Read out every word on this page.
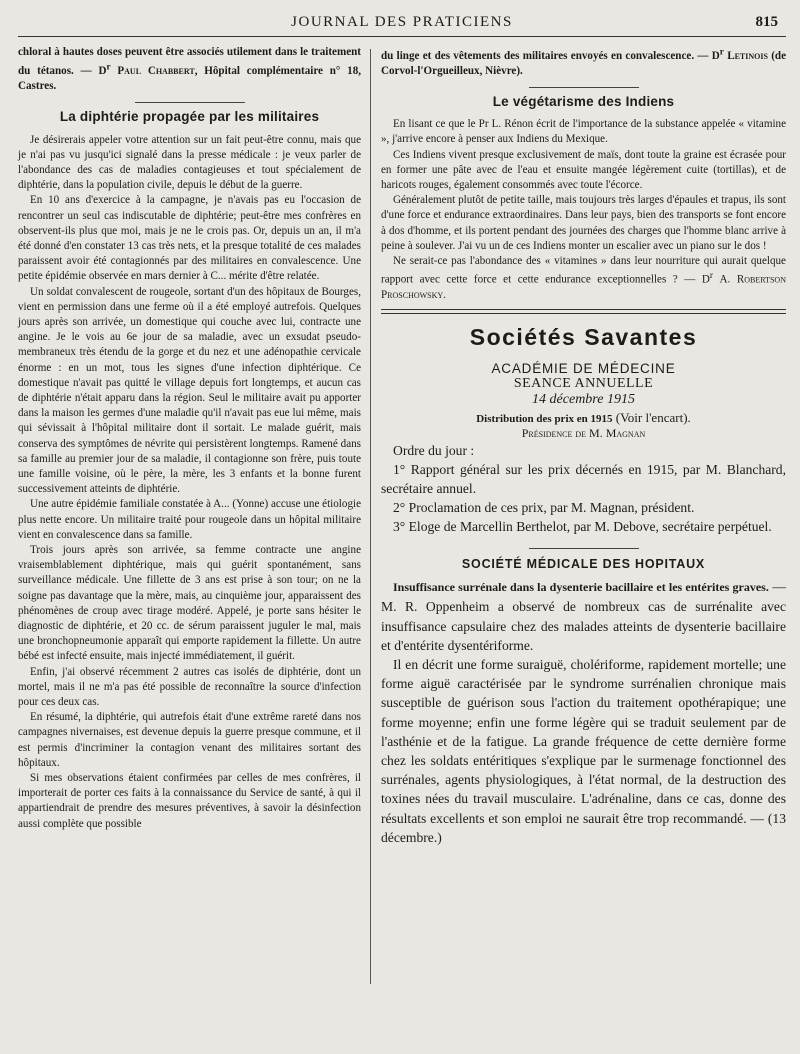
JOURNAL DES PRATICIENS	815

chloral à hautes doses peuvent être associés utilement dans le traitement du tétanos. — $D^r$ Paul Chabbert, Hôpital complémentaire n° 18, Castres.

La diphtérie propagée par les militaires

Je désirerais appeler votre attention sur un fait peut-être connu, mais que je n'ai pas vu jusqu'ici signalé dans la presse médicale : je veux parler de l'abondance des cas de maladies contagieuses et tout spécialement de diphtérie, dans la population civile, depuis le début de la guerre.

En 10 ans d'exercice à la campagne, je n'avais pas eu l'occasion de rencontrer un seul cas indiscutable de diphtérie; peut-être mes confrères en observent-ils plus que moi, mais je ne le crois pas. Or, depuis un an, il m'a été donné d'en constater 13 cas très nets, et la presque totalité de ces malades paraissent avoir été contagionnés par des militaires en convalescence. Une petite épidémie observée en mars dernier à C... mérite d'être relatée.

Un soldat convalescent de rougeole, sortant d'un des hôpitaux de Bourges, vient en permission dans une ferme où il a été employé autrefois. Quelques jours après son arrivée, un domestique qui couche avec lui, contracte une angine. Je le vois au 6e jour de sa maladie, avec un exsudat pseudo-membraneux très étendu de la gorge et du nez et une adénopathie cervicale énorme : en un mot, tous les signes d'une infection diphtérique. Ce domestique n'avait pas quitté le village depuis fort longtemps, et aucun cas de diphtérie n'était apparu dans la région. Seul le militaire avait pu apporter dans la maison les germes d'une maladie qu'il n'avait pas eue lui même, mais qui sévissait à l'hôpital militaire dont il sortait. Le malade guérit, mais conserva des symptômes de névrite qui persistèrent longtemps. Ramené dans sa famille au premier jour de sa maladie, il contagionne son frère, puis toute une famille voisine, où le père, la mère, les 3 enfants et la bonne furent successivement atteints de diphtérie.

Une autre épidémie familiale constatée à A... (Yonne) accuse une étiologie plus nette encore. Un militaire traité pour rougeole dans un hôpital militaire vient en convalescence dans sa famille.

Trois jours après son arrivée, sa femme contracte une angine vraisemblablement diphtérique, mais qui guérit spontanément, sans surveillance médicale. Une fillette de 3 ans est prise à son tour; on ne la soigne pas davantage que la mère, mais, au cinquième jour, apparaissent des phénomènes de croup avec tirage modéré. Appelé, je porte sans hésiter le diagnostic de diphtérie, et 20 cc. de sérum paraissent juguler le mal, mais une bronchopneumonie apparaît qui emporte rapidement la fillette. Un autre bébé est infecté ensuite, mais injecté immédiatement, il guérit.

Enfin, j'ai observé récemment 2 autres cas isolés de diphtérie, dont un mortel, mais il ne m'a pas été possible de reconnaître la source d'infection pour ces deux cas.

En résumé, la diphtérie, qui autrefois était d'une extrême rareté dans nos campagnes nivernaises, est devenue depuis la guerre presque commune, et il est permis d'incriminer la contagion venant des militaires sortant des hôpitaux.

Si mes observations étaient confirmées par celles de mes confrères, il importerait de porter ces faits à la connaissance du Service de santé, à qui il appartiendrait de prendre des mesures préventives, à savoir la désinfection aussi complète que possible

du linge et des vêtements des militaires envoyés en convalescence. — $D^r$ Letinois (de Corvol-l'Orgueilleux, Nièvre).

Le végétarisme des Indiens

En lisant ce que le Pr L. Rénon écrit de l'importance de la substance appelée « vitamine », j'arrive encore à penser aux Indiens du Mexique.

Ces Indiens vivent presque exclusivement de maïs, dont toute la graine est écrasée pour en former une pâte avec de l'eau et ensuite mangée légèrement cuite (tortillas), et de haricots rouges, également consommés avec toute l'écorce.

Généralement plutôt de petite taille, mais toujours très larges d'épaules et trapus, ils sont d'une force et endurance extraordinaires. Dans leur pays, bien des transports se font encore à dos d'homme, et ils portent pendant des journées des charges que l'homme blanc arrive à peine à soulever. J'ai vu un de ces Indiens monter un escalier avec un piano sur le dos !

Ne serait-ce pas l'abondance des « vitamines » dans leur nourriture qui aurait quelque rapport avec cette force et cette endurance exceptionnelles ? — $D^r$ A. Robertson Proschowsky.

Sociétés Savantes

ACADÉMIE DE MÉDECINE

SEANCE ANNUELLE

14 décembre 1915

Distribution des prix en 1915 (Voir l'encart).

Présidence de M. Magnan

Ordre du jour :

1° Rapport général sur les prix décernés en 1915, par M. Blanchard, secrétaire annuel.

2° Proclamation de ces prix, par M. Magnan, président.

3° Eloge de Marcellin Berthelot, par M. Debove, secrétaire perpétuel.

SOCIÉTÉ MÉDICALE DES HOPITAUX

Insuffisance surrénale dans la dysenterie bacillaire et les entérites graves. — M. R. Oppenheim a observé de nombreux cas de surrénalite avec insuffisance capsulaire chez des malades atteints de dysenterie bacillaire et d'entérite dysentériforme.

Il en décrit une forme suraiguë, cholériforme, rapidement mortelle; une forme aiguë caractérisée par le syndrome surrénalien chronique mais susceptible de guérison sous l'action du traitement opothérapique; une forme moyenne; enfin une forme légère qui se traduit seulement par de l'asthénie et de la fatigue. La grande fréquence de cette dernière forme chez les soldats entéritiques s'explique par le surmenage fonctionnel des surrénales, agents physiologiques, à l'état normal, de la destruction des toxines nées du travail musculaire. L'adrénaline, dans ce cas, donne des résultats excellents et son emploi ne saurait être trop recommandé. — (13 décembre.)
